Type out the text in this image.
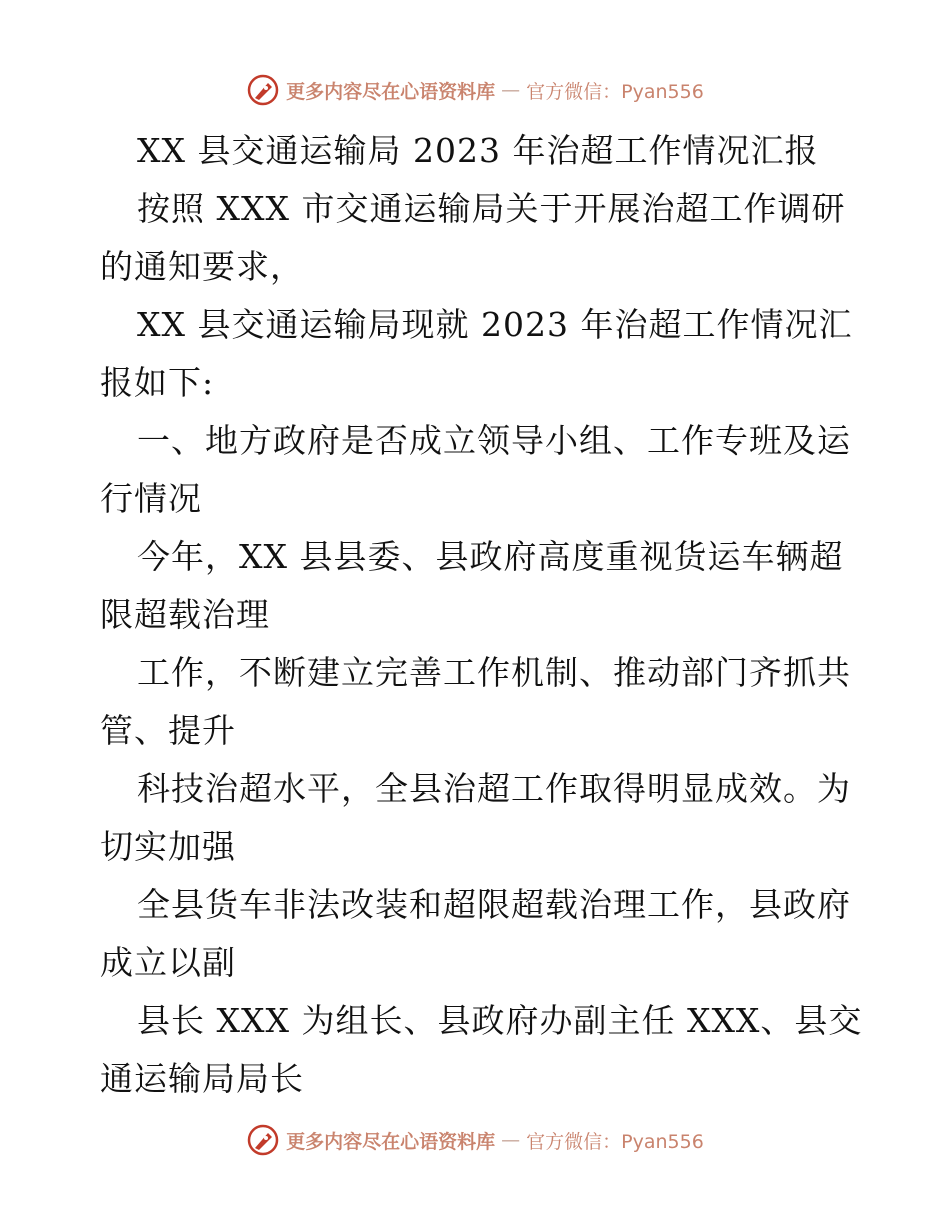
更多内容尽在心语资料库 — 官方微信：Pyan556
XX 县交通运输局 2023 年治超工作情况汇报
按照 XXX 市交通运输局关于开展治超工作调研
的通知要求，
XX 县交通运输局现就 2023 年治超工作情况汇
报如下:
一、地方政府是否成立领导小组、工作专班及运
行情况
今年，XX 县县委、县政府高度重视货运车辆超
限超载治理
工作，不断建立完善工作机制、推动部门齐抓共
管、提升
科技治超水平，全县治超工作取得明显成效。为
切实加强
全县货车非法改装和超限超载治理工作，县政府
成立以副
县长 XXX 为组长、县政府办副主任 XXX、县交
通运输局局长
更多内容尽在心语资料库 — 官方微信：Pyan556
